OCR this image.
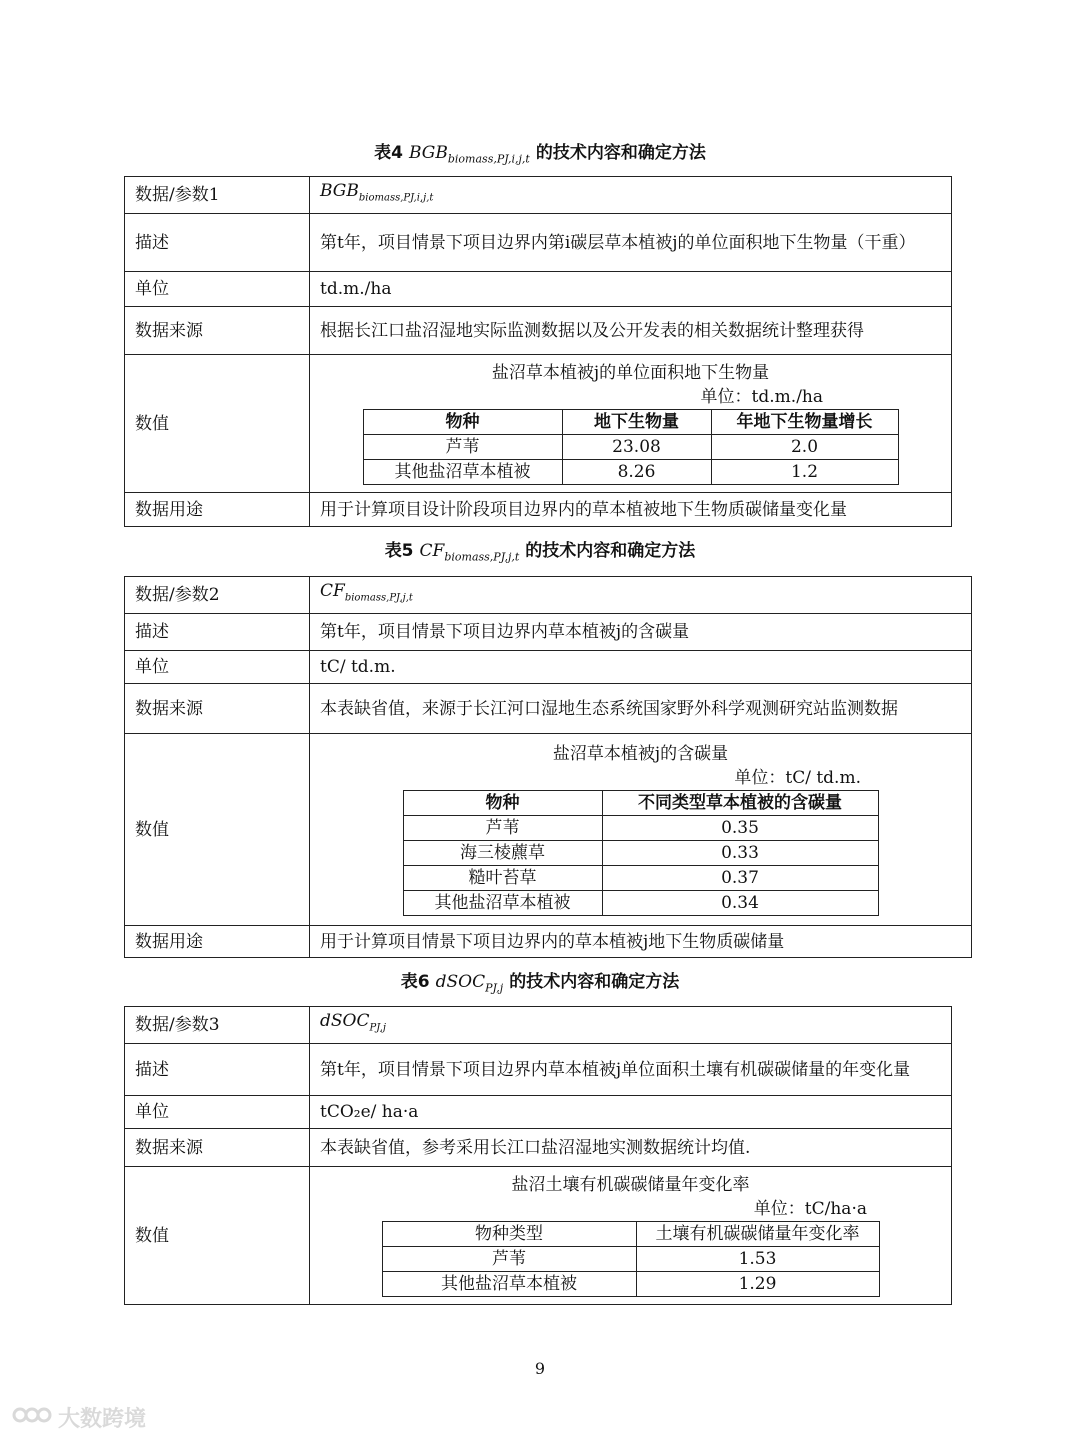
表4 $BGB_{biomass,PJ,i,j,t}$ 的技术内容和确定方法
数据/参数1	$BGB_{biomass,PJ,i,j,t}$
描述	第t年，项目情景下项目边界内第i碳层草本植被j的单位面积地下生物量（干重）
单位	td.m./ha
数据来源	根据长江口盐沼湿地实际监测数据以及公开发表的相关数据统计整理获得
数值	
盐沼草本植被j的单位面积地下生物量
单位：td.m./ha
物种	地下生物量	年地下生物量增长
芦苇	23.08	2.0
其他盐沼草本植被	8.26	1.2

数据用途	用于计算项目设计阶段项目边界内的草本植被地下生物质碳储量变化量
表5 $CF_{biomass,PJ,j,t}$ 的技术内容和确定方法
数据/参数2	$CF_{biomass,PJ,j,t}$
描述	第t年，项目情景下项目边界内草本植被j的含碳量
单位	tC/ td.m.
数据来源	本表缺省值，来源于长江河口湿地生态系统国家野外科学观测研究站监测数据
数值	
盐沼草本植被j的含碳量
单位：tC/ td.m.
物种	不同类型草本植被的含碳量
芦苇	0.35
海三棱藨草	0.33
糙叶苔草	0.37
其他盐沼草本植被	0.34

数据用途	用于计算项目情景下项目边界内的草本植被j地下生物质碳储量
表6 dSOC$_{PJ,j}$ 的技术内容和确定方法
数据/参数3	dSOC$_{PJ,j}$
描述	第t年，项目情景下项目边界内草本植被j单位面积土壤有机碳碳储量的年变化量
单位	tCO₂e/ ha·a
数据来源	本表缺省值，参考采用长江口盐沼湿地实测数据统计均值.
数值	
盐沼土壤有机碳碳储量年变化率
单位：tC/ha·a
物种类型	土壤有机碳碳储量年变化率
芦苇	1.53
其他盐沼草本植被	1.29
9
大数跨境
